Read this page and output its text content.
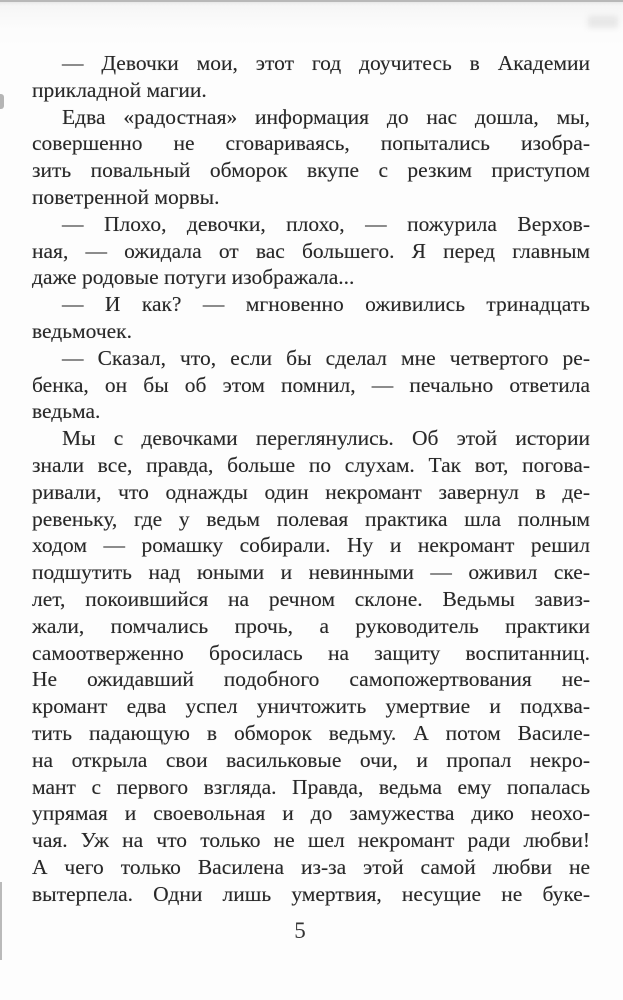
— Девочки мои, этот год доучитесь в Академии
прикладной магии.
Едва «радостная» информация до нас дошла, мы,
совершенно не сговариваясь, попытались изобра-
зить повальный обморок вкупе с резким приступом
поветренной морвы.
— Плохо, девочки, плохо, — пожурила Верхов-
ная, — ожидала от вас большего. Я перед главным
даже родовые потуги изображала...
— И как? — мгновенно оживились тринадцать
ведьмочек.
— Сказал, что, если бы сделал мне четвертого ре-
бенка, он бы об этом помнил, — печально ответила
ведьма.
Мы с девочками переглянулись. Об этой истории
знали все, правда, больше по слухам. Так вот, погова-
ривали, что однажды один некромант завернул в де-
ревеньку, где у ведьм полевая практика шла полным
ходом — ромашку собирали. Ну и некромант решил
подшутить над юными и невинными — оживил ске-
лет, покоившийся на речном склоне. Ведьмы завиз-
жали, помчались прочь, а руководитель практики
самоотверженно бросилась на защиту воспитанниц.
Не ожидавший подобного самопожертвования не-
кромант едва успел уничтожить умертвие и подхва-
тить падающую в обморок ведьму. А потом Василе-
на открыла свои васильковые очи, и пропал некро-
мант с первого взгляда. Правда, ведьма ему попалась
упрямая и своевольная и до замужества дико неохо-
чая. Уж на что только не шел некромант ради любви!
А чего только Василена из-за этой самой любви не
вытерпела. Одни лишь умертвия, несущие не буке-
5
